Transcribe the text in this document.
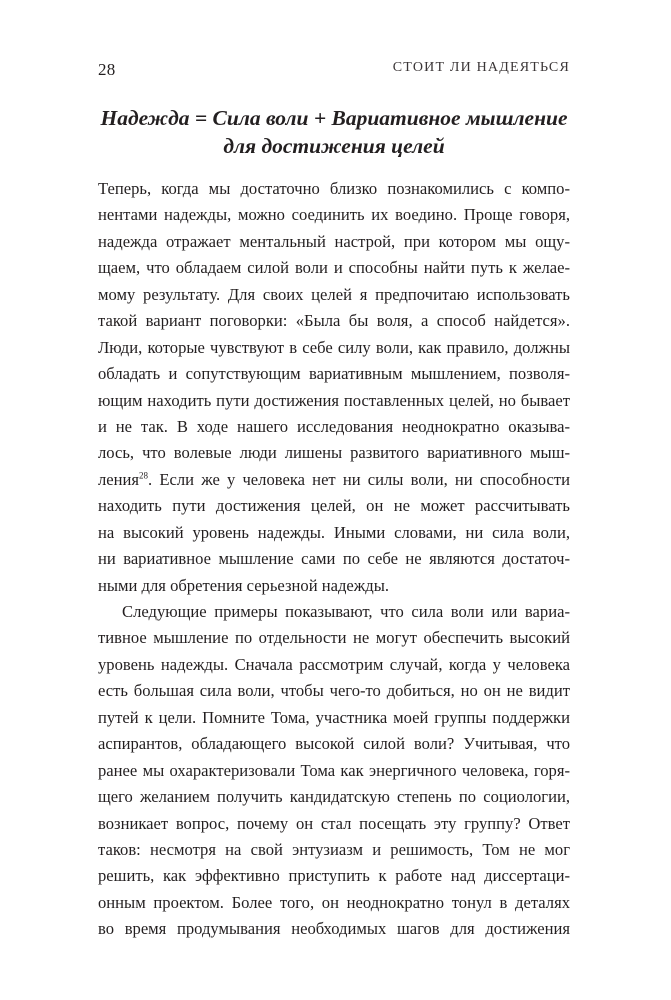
28	СТОИТ ЛИ НАДЕЯТЬСЯ
Надежда = Сила воли + Вариативное мышление
для достижения целей
Теперь, когда мы достаточно близко познакомились с компо-
нентами надежды, можно соединить их воедино. Проще говоря,
надежда отражает ментальный настрой, при котором мы ощу-
щаем, что обладаем силой воли и способны найти путь к желае-
мому результату. Для своих целей я предпочитаю использовать
такой вариант поговорки: «Была бы воля, а способ найдется».
Люди, которые чувствуют в себе силу воли, как правило, должны
обладать и сопутствующим вариативным мышлением, позволя-
ющим находить пути достижения поставленных целей, но бывает
и не так. В ходе нашего исследования неоднократно оказыва-
лось, что волевые люди лишены развитого вариативного мыш-
ления$^{28}$. Если же у человека нет ни силы воли, ни способности
находить пути достижения целей, он не может рассчитывать
на высокий уровень надежды. Иными словами, ни сила воли,
ни вариативное мышление сами по себе не являются достаточ-
ными для обретения серьезной надежды.
Следующие примеры показывают, что сила воли или вариа-
тивное мышление по отдельности не могут обеспечить высокий
уровень надежды. Сначала рассмотрим случай, когда у человека
есть большая сила воли, чтобы чего-то добиться, но он не видит
путей к цели. Помните Тома, участника моей группы поддержки
аспирантов, обладающего высокой силой воли? Учитывая, что
ранее мы охарактеризовали Тома как энергичного человека, горя-
щего желанием получить кандидатскую степень по социологии,
возникает вопрос, почему он стал посещать эту группу? Ответ
таков: несмотря на свой энтузиазм и решимость, Том не мог
решить, как эффективно приступить к работе над диссертаци-
онным проектом. Более того, он неоднократно тонул в деталях
во время продумывания необходимых шагов для достижения
